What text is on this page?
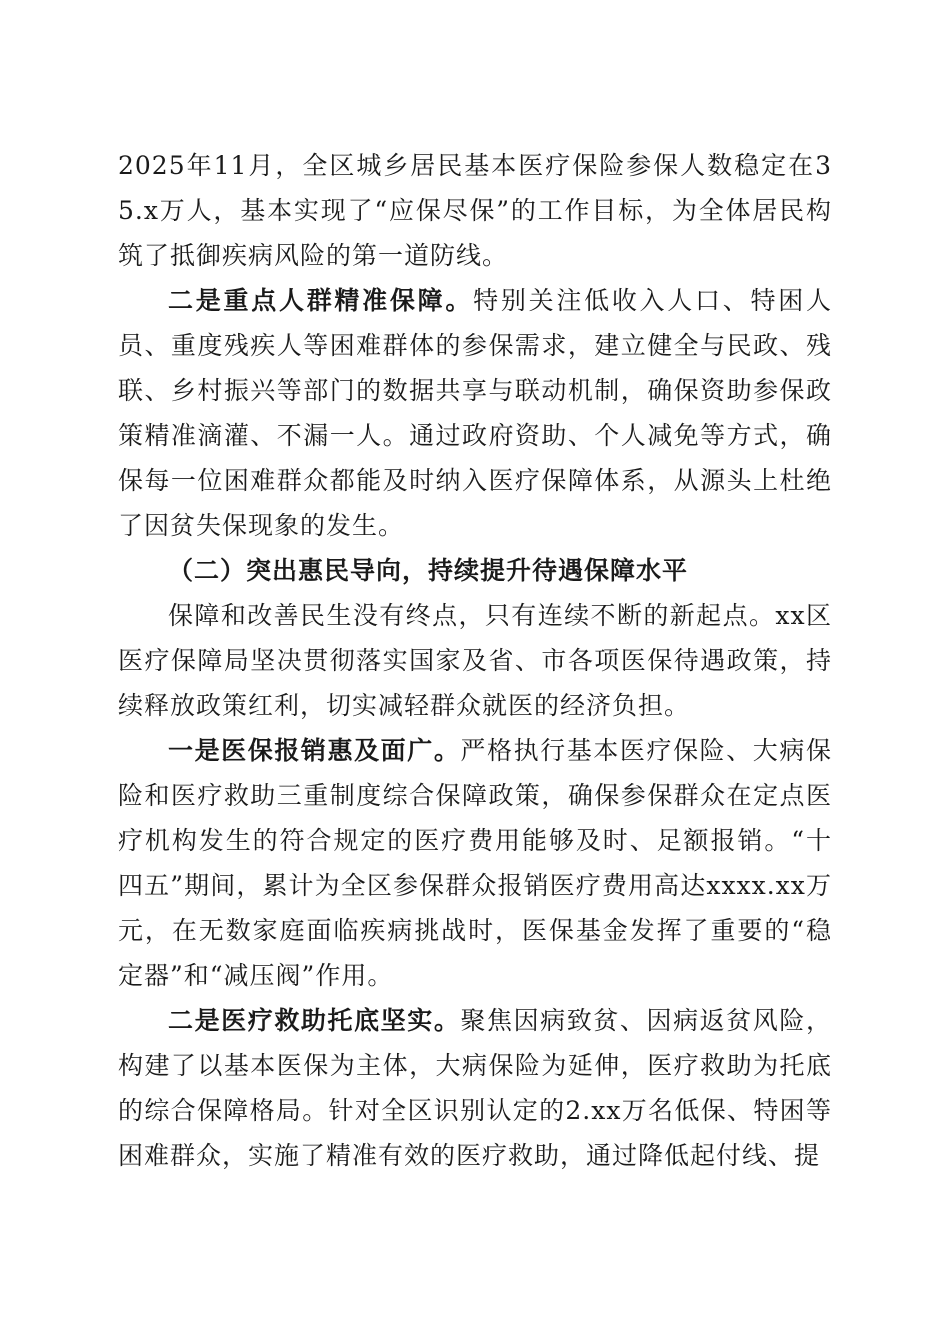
2025年11月，全区城乡居民基本医疗保险参保人数稳定在35.x万人，基本实现了“应保尽保”的工作目标，为全体居民构筑了抵御疾病风险的第一道防线。

二是重点人群精准保障。特别关注低收入人口、特困人员、重度残疾人等困难群体的参保需求，建立健全与民政、残联、乡村振兴等部门的数据共享与联动机制，确保资助参保政策精准滴灌、不漏一人。通过政府资助、个人减免等方式，确保每一位困难群众都能及时纳入医疗保障体系，从源头上杜绝了因贫失保现象的发生。

（二）突出惠民导向，持续提升待遇保障水平

保障和改善民生没有终点，只有连续不断的新起点。xx区医疗保障局坚决贯彻落实国家及省、市各项医保待遇政策，持续释放政策红利，切实减轻群众就医的经济负担。

一是医保报销惠及面广。严格执行基本医疗保险、大病保险和医疗救助三重制度综合保障政策，确保参保群众在定点医疗机构发生的符合规定的医疗费用能够及时、足额报销。“十四五”期间，累计为全区参保群众报销医疗费用高达xxxx.xx万元，在无数家庭面临疾病挑战时，医保基金发挥了重要的“稳定器”和“减压阀”作用。

二是医疗救助托底坚实。聚焦因病致贫、因病返贫风险，构建了以基本医保为主体，大病保险为延伸，医疗救助为托底的综合保障格局。针对全区识别认定的2.xx万名低保、特困等困难群众，实施了精准有效的医疗救助，通过降低起付线、提
